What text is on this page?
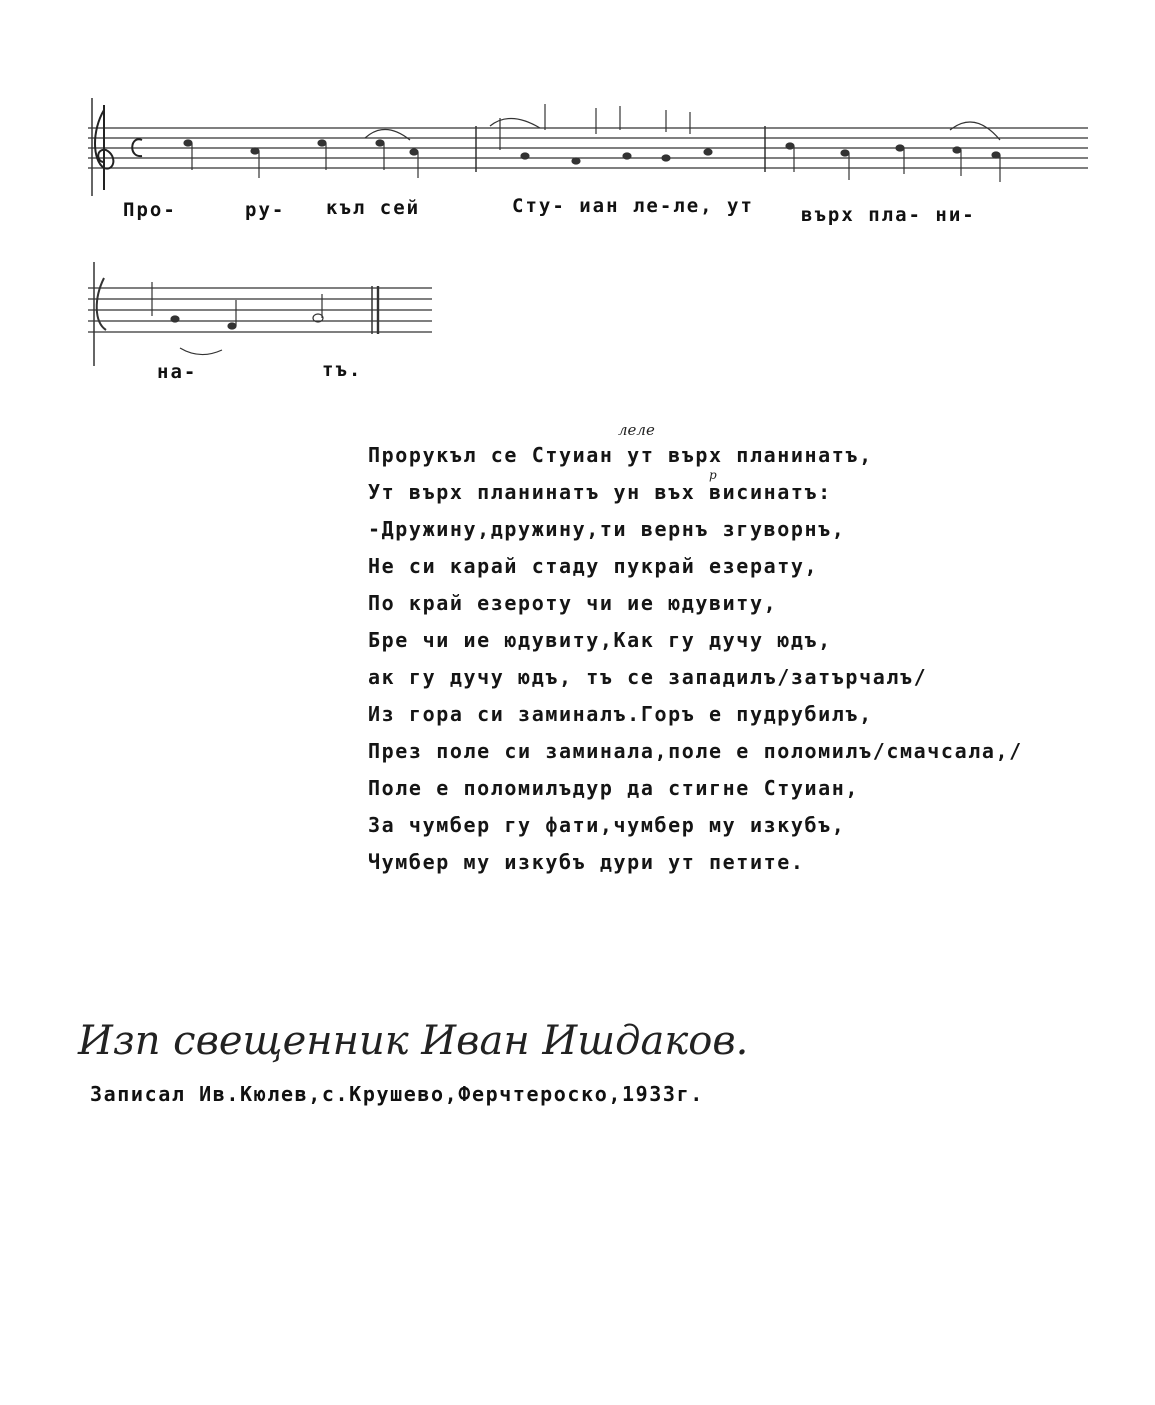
Про-	ру- къл сей	Сту- иан ле-ле, ут върх пла- ни-
на-	тъ.
леле
р
Прорукъл се Стуиан ут върх планинатъ,
Ут върх планинатъ ун въх висинатъ:
-Дружину,дружину,ти вернъ згуворнъ,
Не си карай стаду пукрай езерату,
По край езероту чи ие юдувиту,
Бре чи ие юдувиту,Как гу дучу юдъ,
ак гу дучу юдъ, тъ се западилъ/затърчалъ/
Из гора си заминалъ.Горъ е пудрубилъ,
През поле си заминала,поле е поломилъ/смачсала,/
Поле е поломилъдур да стигне Стуиан,
За чумбер гу фати,чумбер му изкубъ,
Чумбер му изкубъ дури ут петите.
Изп свещенник Иван Ишдаков.
Записал Ив.Кюлев,с.Крушево,Ферчтероско,1933г.
